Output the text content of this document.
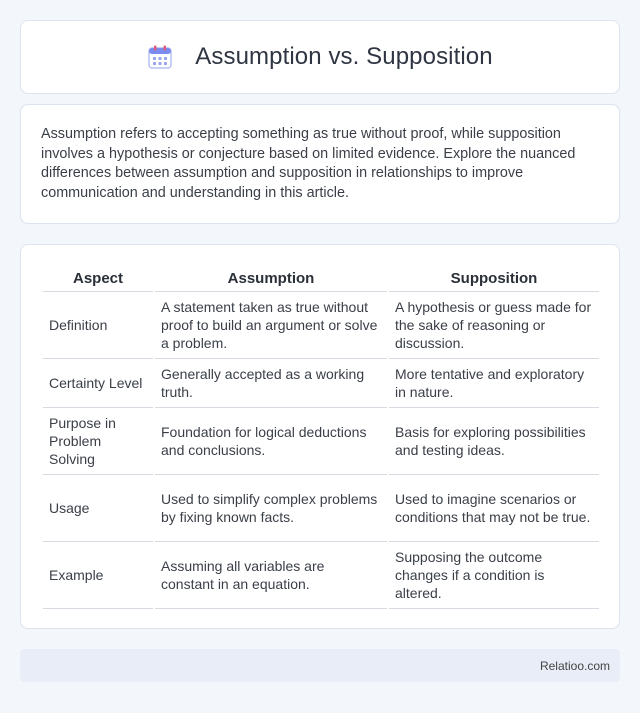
Assumption vs. Supposition

Assumption refers to accepting something as true without proof, while supposition involves a hypothesis or conjecture based on limited evidence. Explore the nuanced differences between assumption and supposition in relationships to improve communication and understanding in this article.

Aspect	Assumption	Supposition
Definition	A statement taken as true without proof to build an argument or solve a problem.	A hypothesis or guess made for the sake of reasoning or discussion.
Certainty Level	Generally accepted as a working truth.	More tentative and exploratory in nature.
Purpose in Problem Solving	Foundation for logical deductions and conclusions.	Basis for exploring possibilities and testing ideas.
Usage	Used to simplify complex problems by fixing known facts.	Used to imagine scenarios or conditions that may not be true.
Example	Assuming all variables are constant in an equation.	Supposing the outcome changes if a condition is altered.
Relatioo.com
